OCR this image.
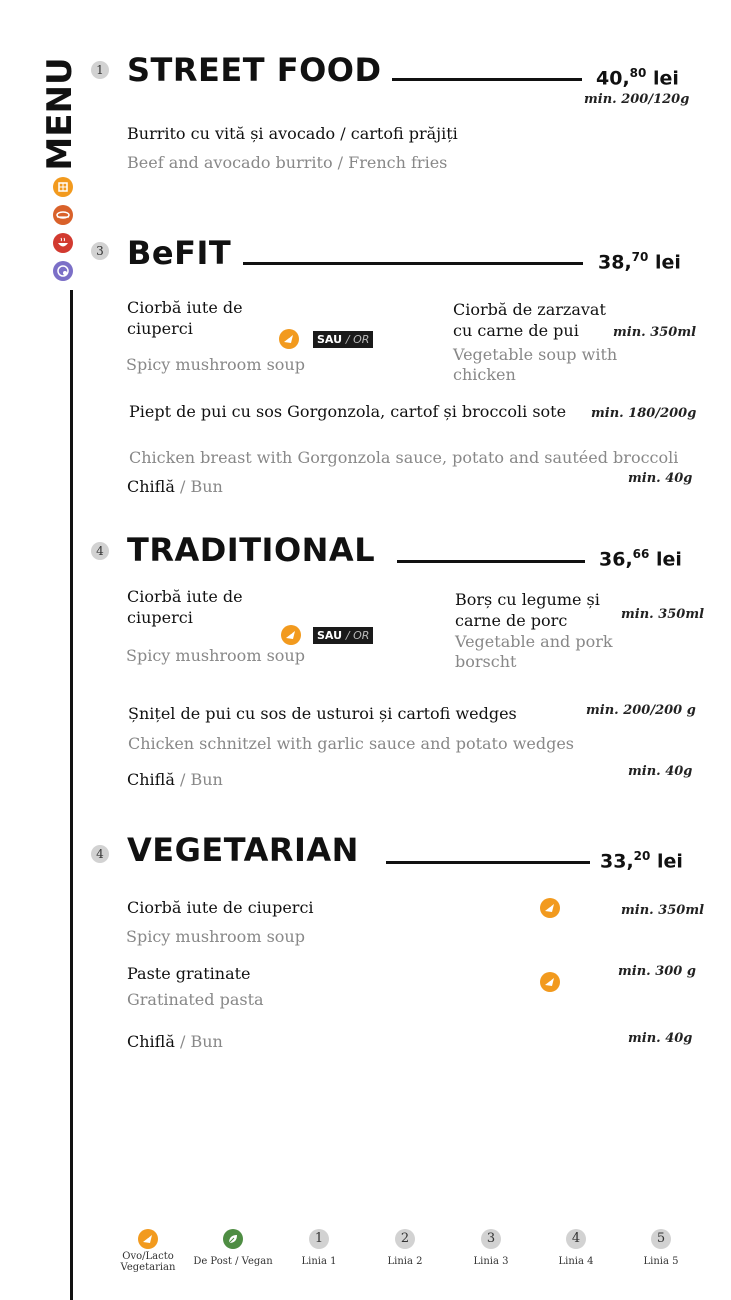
MENU	1 STREET FOOD	40,80 lei
min. 200/120g
Burrito cu vită și avocado / cartofi prăjiți
Beef and avocado burrito / French fries
3 BeFIT	38,70 lei
Ciorbă iute de
ciuperci
Spicy mushroom soup
SAU / OR
Ciorbă de zarzavat
cu carne de pui	min. 350ml
Vegetable soup with
chicken
Piept de pui cu sos Gorgonzola, cartof și broccoli sote min. 180/200g
Chicken breast with Gorgonzola sauce, potato and sautéed broccoli
Chiflă / Bun	min. 40g
4 TRADITIONAL	36,66 lei
Ciorbă iute de
ciuperci
Spicy mushroom soup
SAU / OR
Borș cu legume și
carne de porc	min. 350ml
Vegetable and pork
borscht
Șnițel de pui cu sos de usturoi și cartofi wedges	min. 200/200 g
Chicken schnitzel with garlic sauce and potato wedges
Chiflă / Bun	min. 40g
4 VEGETARIAN	33,20 lei
Ciorbă iute de ciuperci	min. 350ml
Spicy mushroom soup
Paste gratinate	min. 300 g
Gratinated pasta
Chiflă / Bun	min. 40g
Ovo/Lacto
Vegetarian
De Post / Vegan
1
Linia 1
2
Linia 2
3
Linia 3
4
Linia 4
5
Linia 5
